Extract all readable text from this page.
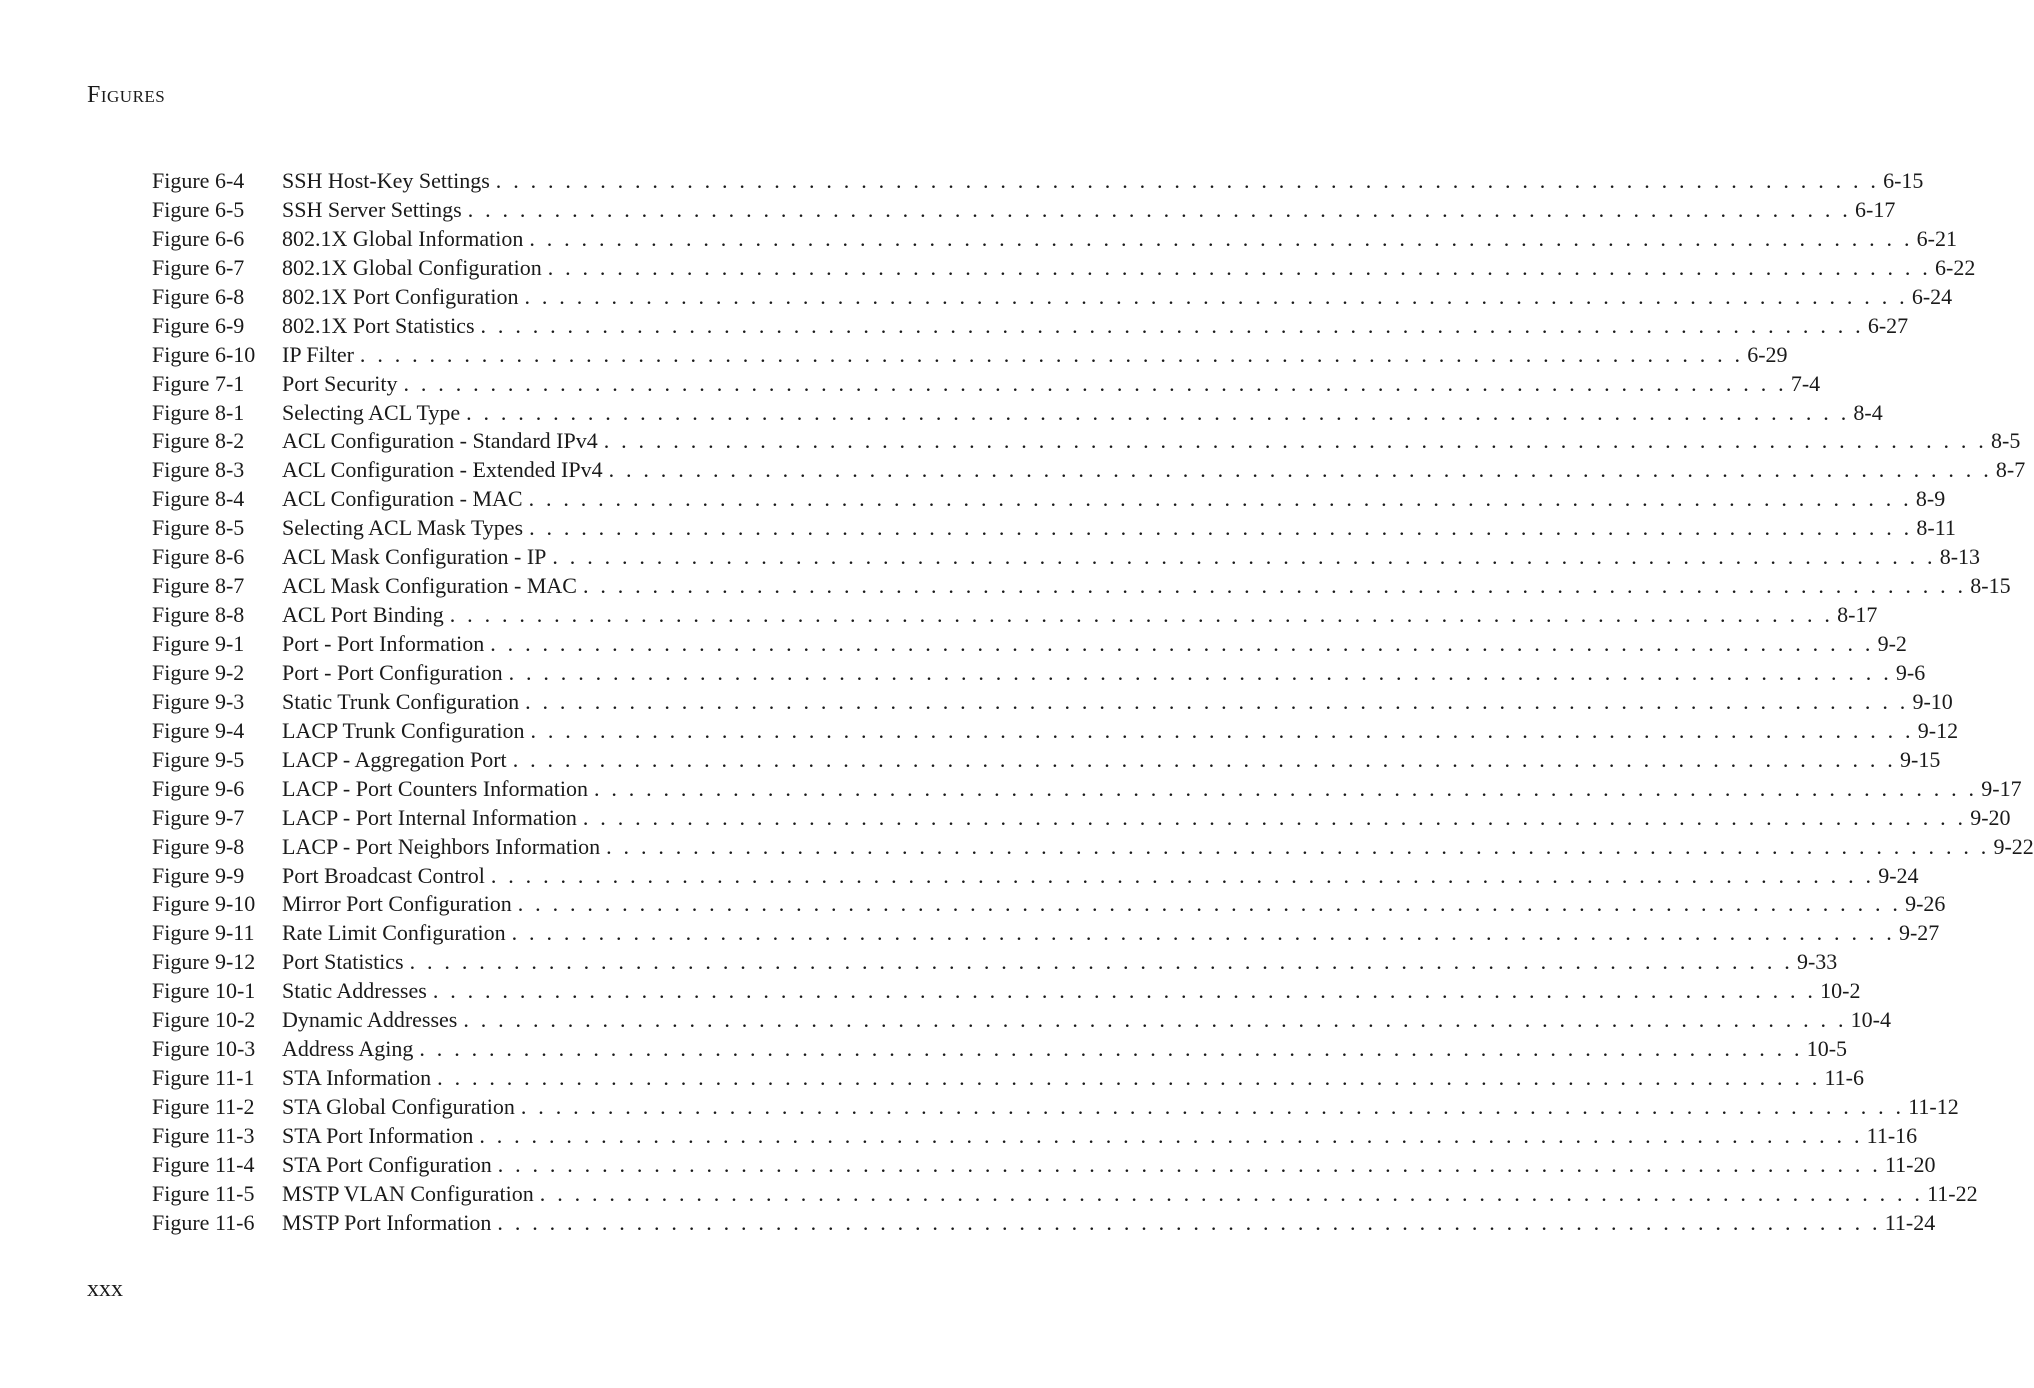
Figures
Figure 6-4	SSH Host-Key Settings . . . . . . . . . . . . . . . . . . . . . . . . . . . . . . . . . . . . . . . . . . . . . . . . . . . . . . . . . . . . . . . . . . . . . . . . . . . . . . . . 6-15
Figure 6-5	SSH Server Settings . . . . . . . . . . . . . . . . . . . . . . . . . . . . . . . . . . . . . . . . . . . . . . . . . . . . . . . . . . . . . . . . . . . . . . . . . . . . . . . . 6-17
Figure 6-6	802.1X Global Information . . . . . . . . . . . . . . . . . . . . . . . . . . . . . . . . . . . . . . . . . . . . . . . . . . . . . . . . . . . . . . . . . . . . . . . . . . . . . . . . 6-21
Figure 6-7	802.1X Global Configuration . . . . . . . . . . . . . . . . . . . . . . . . . . . . . . . . . . . . . . . . . . . . . . . . . . . . . . . . . . . . . . . . . . . . . . . . . . . . . . . . 6-22
Figure 6-8	802.1X Port Configuration . . . . . . . . . . . . . . . . . . . . . . . . . . . . . . . . . . . . . . . . . . . . . . . . . . . . . . . . . . . . . . . . . . . . . . . . . . . . . . . . 6-24
Figure 6-9	802.1X Port Statistics . . . . . . . . . . . . . . . . . . . . . . . . . . . . . . . . . . . . . . . . . . . . . . . . . . . . . . . . . . . . . . . . . . . . . . . . . . . . . . . . 6-27
Figure 6-10	IP Filter . . . . . . . . . . . . . . . . . . . . . . . . . . . . . . . . . . . . . . . . . . . . . . . . . . . . . . . . . . . . . . . . . . . . . . . . . . . . . . . . 6-29
Figure 7-1	Port Security . . . . . . . . . . . . . . . . . . . . . . . . . . . . . . . . . . . . . . . . . . . . . . . . . . . . . . . . . . . . . . . . . . . . . . . . . . . . . . . . 7-4
Figure 8-1	Selecting ACL Type . . . . . . . . . . . . . . . . . . . . . . . . . . . . . . . . . . . . . . . . . . . . . . . . . . . . . . . . . . . . . . . . . . . . . . . . . . . . . . . . 8-4
Figure 8-2	ACL Configuration - Standard IPv4 . . . . . . . . . . . . . . . . . . . . . . . . . . . . . . . . . . . . . . . . . . . . . . . . . . . . . . . . . . . . . . . . . . . . . . . . . . . . . . . . 8-5
Figure 8-3	ACL Configuration - Extended IPv4 . . . . . . . . . . . . . . . . . . . . . . . . . . . . . . . . . . . . . . . . . . . . . . . . . . . . . . . . . . . . . . . . . . . . . . . . . . . . . . . . 8-7
Figure 8-4	ACL Configuration - MAC . . . . . . . . . . . . . . . . . . . . . . . . . . . . . . . . . . . . . . . . . . . . . . . . . . . . . . . . . . . . . . . . . . . . . . . . . . . . . . . . 8-9
Figure 8-5	Selecting ACL Mask Types . . . . . . . . . . . . . . . . . . . . . . . . . . . . . . . . . . . . . . . . . . . . . . . . . . . . . . . . . . . . . . . . . . . . . . . . . . . . . . . . 8-11
Figure 8-6	ACL Mask Configuration - IP . . . . . . . . . . . . . . . . . . . . . . . . . . . . . . . . . . . . . . . . . . . . . . . . . . . . . . . . . . . . . . . . . . . . . . . . . . . . . . . . 8-13
Figure 8-7	ACL Mask Configuration - MAC . . . . . . . . . . . . . . . . . . . . . . . . . . . . . . . . . . . . . . . . . . . . . . . . . . . . . . . . . . . . . . . . . . . . . . . . . . . . . . . . 8-15
Figure 8-8	ACL Port Binding . . . . . . . . . . . . . . . . . . . . . . . . . . . . . . . . . . . . . . . . . . . . . . . . . . . . . . . . . . . . . . . . . . . . . . . . . . . . . . . . 8-17
Figure 9-1	Port - Port Information . . . . . . . . . . . . . . . . . . . . . . . . . . . . . . . . . . . . . . . . . . . . . . . . . . . . . . . . . . . . . . . . . . . . . . . . . . . . . . . . 9-2
Figure 9-2	Port - Port Configuration . . . . . . . . . . . . . . . . . . . . . . . . . . . . . . . . . . . . . . . . . . . . . . . . . . . . . . . . . . . . . . . . . . . . . . . . . . . . . . . . 9-6
Figure 9-3	Static Trunk Configuration . . . . . . . . . . . . . . . . . . . . . . . . . . . . . . . . . . . . . . . . . . . . . . . . . . . . . . . . . . . . . . . . . . . . . . . . . . . . . . . . 9-10
Figure 9-4	LACP Trunk Configuration . . . . . . . . . . . . . . . . . . . . . . . . . . . . . . . . . . . . . . . . . . . . . . . . . . . . . . . . . . . . . . . . . . . . . . . . . . . . . . . . 9-12
Figure 9-5	LACP - Aggregation Port . . . . . . . . . . . . . . . . . . . . . . . . . . . . . . . . . . . . . . . . . . . . . . . . . . . . . . . . . . . . . . . . . . . . . . . . . . . . . . . . 9-15
Figure 9-6	LACP - Port Counters Information . . . . . . . . . . . . . . . . . . . . . . . . . . . . . . . . . . . . . . . . . . . . . . . . . . . . . . . . . . . . . . . . . . . . . . . . . . . . . . . . 9-17
Figure 9-7	LACP - Port Internal Information . . . . . . . . . . . . . . . . . . . . . . . . . . . . . . . . . . . . . . . . . . . . . . . . . . . . . . . . . . . . . . . . . . . . . . . . . . . . . . . . 9-20
Figure 9-8	LACP - Port Neighbors Information . . . . . . . . . . . . . . . . . . . . . . . . . . . . . . . . . . . . . . . . . . . . . . . . . . . . . . . . . . . . . . . . . . . . . . . . . . . . . . . . 9-22
Figure 9-9	Port Broadcast Control . . . . . . . . . . . . . . . . . . . . . . . . . . . . . . . . . . . . . . . . . . . . . . . . . . . . . . . . . . . . . . . . . . . . . . . . . . . . . . . . 9-24
Figure 9-10	Mirror Port Configuration . . . . . . . . . . . . . . . . . . . . . . . . . . . . . . . . . . . . . . . . . . . . . . . . . . . . . . . . . . . . . . . . . . . . . . . . . . . . . . . . 9-26
Figure 9-11	Rate Limit Configuration . . . . . . . . . . . . . . . . . . . . . . . . . . . . . . . . . . . . . . . . . . . . . . . . . . . . . . . . . . . . . . . . . . . . . . . . . . . . . . . . 9-27
Figure 9-12	Port Statistics . . . . . . . . . . . . . . . . . . . . . . . . . . . . . . . . . . . . . . . . . . . . . . . . . . . . . . . . . . . . . . . . . . . . . . . . . . . . . . . . 9-33
Figure 10-1	Static Addresses . . . . . . . . . . . . . . . . . . . . . . . . . . . . . . . . . . . . . . . . . . . . . . . . . . . . . . . . . . . . . . . . . . . . . . . . . . . . . . . . 10-2
Figure 10-2	Dynamic Addresses . . . . . . . . . . . . . . . . . . . . . . . . . . . . . . . . . . . . . . . . . . . . . . . . . . . . . . . . . . . . . . . . . . . . . . . . . . . . . . . . 10-4
Figure 10-3	Address Aging . . . . . . . . . . . . . . . . . . . . . . . . . . . . . . . . . . . . . . . . . . . . . . . . . . . . . . . . . . . . . . . . . . . . . . . . . . . . . . . . 10-5
Figure 11-1	STA Information . . . . . . . . . . . . . . . . . . . . . . . . . . . . . . . . . . . . . . . . . . . . . . . . . . . . . . . . . . . . . . . . . . . . . . . . . . . . . . . . 11-6
Figure 11-2	STA Global Configuration . . . . . . . . . . . . . . . . . . . . . . . . . . . . . . . . . . . . . . . . . . . . . . . . . . . . . . . . . . . . . . . . . . . . . . . . . . . . . . . . 11-12
Figure 11-3	STA Port Information . . . . . . . . . . . . . . . . . . . . . . . . . . . . . . . . . . . . . . . . . . . . . . . . . . . . . . . . . . . . . . . . . . . . . . . . . . . . . . . . 11-16
Figure 11-4	STA Port Configuration . . . . . . . . . . . . . . . . . . . . . . . . . . . . . . . . . . . . . . . . . . . . . . . . . . . . . . . . . . . . . . . . . . . . . . . . . . . . . . . . 11-20
Figure 11-5	MSTP VLAN Configuration . . . . . . . . . . . . . . . . . . . . . . . . . . . . . . . . . . . . . . . . . . . . . . . . . . . . . . . . . . . . . . . . . . . . . . . . . . . . . . . . 11-22
Figure 11-6	MSTP Port Information . . . . . . . . . . . . . . . . . . . . . . . . . . . . . . . . . . . . . . . . . . . . . . . . . . . . . . . . . . . . . . . . . . . . . . . . . . . . . . . . 11-24
xxx
